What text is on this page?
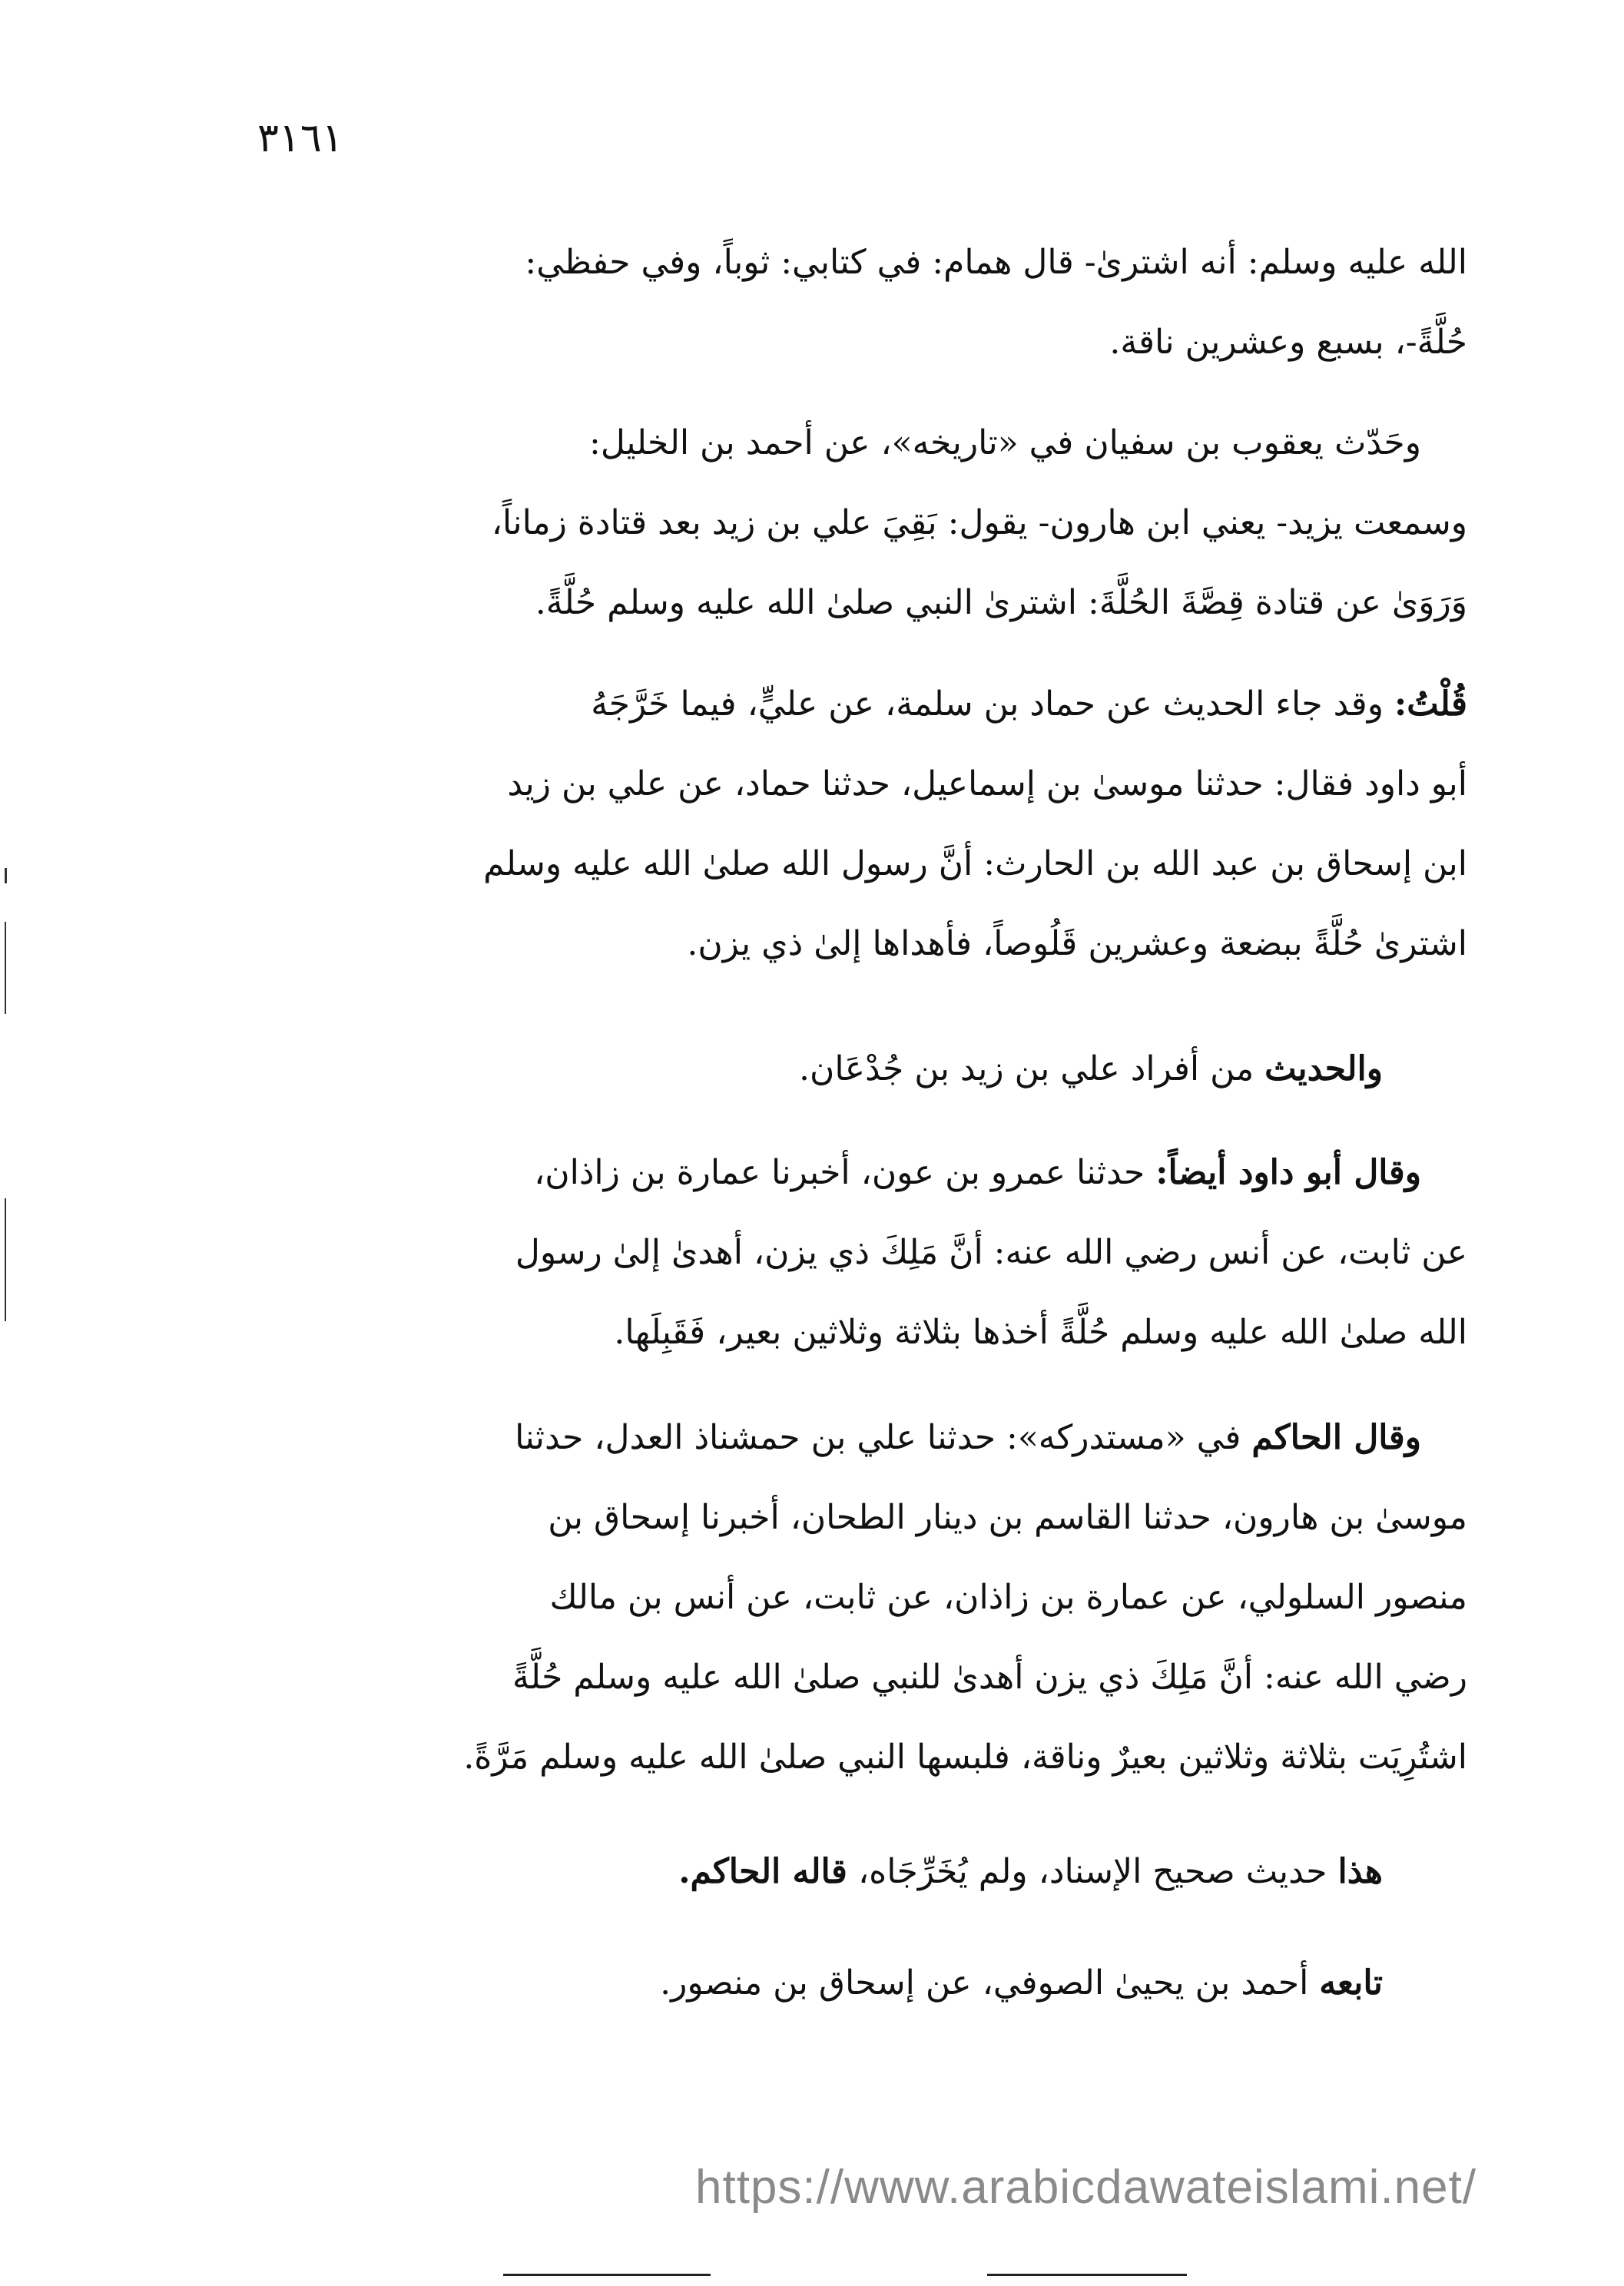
٣١٦١

الله عليه وسلم: أنه اشترىٰ- قال همام: في كتابي: ثوباً، وفي حفظي:
حُلَّةً-، بسبع وعشرين ناقة.

وحَدّث يعقوب بن سفيان في «تاريخه»، عن أحمد بن الخليل:
وسمعت يزيد- يعني ابن هارون- يقول: بَقِيَ علي بن زيد بعد قتادة زماناً،
وَرَوَىٰ عن قتادة قِصَّةَ الحُلَّةَ: اشترىٰ النبي صلىٰ الله عليه وسلم حُلَّةً.

قُلْتُ: وقد جاء الحديث عن حماد بن سلمة، عن عليٍّ، فيما خَرَّجَهُ
أبو داود فقال: حدثنا موسىٰ بن إسماعيل، حدثنا حماد، عن علي بن زيد
ابن إسحاق بن عبد الله بن الحارث: أنَّ رسول الله صلىٰ الله عليه وسلم
اشترىٰ حُلَّةً ببضعة وعشرين قَلُوصاً، فأهداها إلىٰ ذي يزن.

والحديث من أفراد علي بن زيد بن جُدْعَان.

وقال أبو داود أيضاً: حدثنا عمرو بن عون، أخبرنا عمارة بن زاذان،
عن ثابت، عن أنس رضي الله عنه: أنَّ مَلِكَ ذي يزن، أهدىٰ إلىٰ رسول
الله صلىٰ الله عليه وسلم حُلَّةً أخذها بثلاثة وثلاثين بعير، فَقَبِلَها.

وقال الحاكم في «مستدركه»: حدثنا علي بن حمشناذ العدل، حدثنا
موسىٰ بن هارون، حدثنا القاسم بن دينار الطحان، أخبرنا إسحاق بن
منصور السلولي، عن عمارة بن زاذان، عن ثابت، عن أنس بن مالك
رضي الله عنه: أنَّ مَلِكَ ذي يزن أهدىٰ للنبي صلىٰ الله عليه وسلم حُلَّةً
اشتُرِيَت بثلاثة وثلاثين بعيرٌ وناقة، فلبسها النبي صلىٰ الله عليه وسلم مَرَّةً.

هذا حديث صحيح الإسناد، ولم يُخَرِّجَاه، قاله الحاكم.

تابعه أحمد بن يحيىٰ الصوفي، عن إسحاق بن منصور.

https://www.arabicdawateislami.net/
